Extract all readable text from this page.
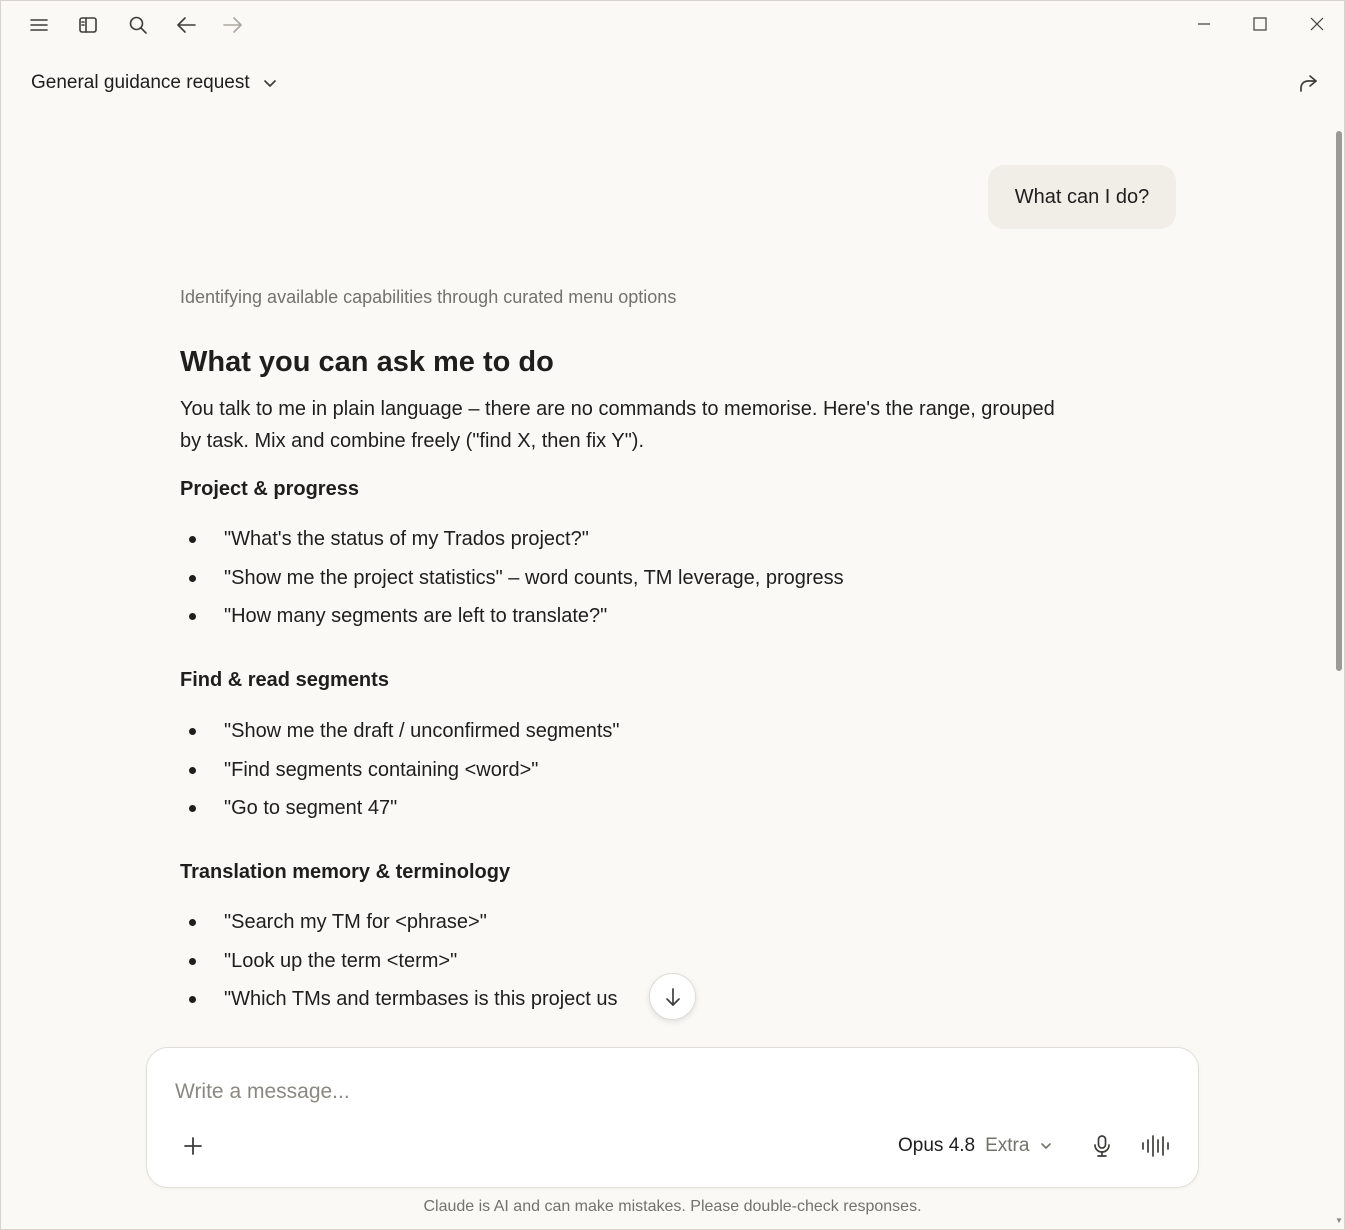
General guidance request
▼
What can I do?
Identifying available capabilities through curated menu options
What you can ask me to do

You talk to me in plain language – there are no commands to memorise. Here's the range, grouped by task. Mix and combine freely ("find X, then fix Y").

Project & progress
"What's the status of my Trados project?"
"Show me the project statistics" – word counts, TM leverage, progress
"How many segments are left to translate?"
Find & read segments
"Show me the draft / unconfirmed segments"
"Find segments containing <word>"
"Go to segment 47"
Translation memory & terminology
"Search my TM for <phrase>"
"Look up the term <term>"
"Which TMs and termbases is this project us
Write a message...
Opus 4.8 Extra
Claude is AI and can make mistakes. Please double-check responses.
